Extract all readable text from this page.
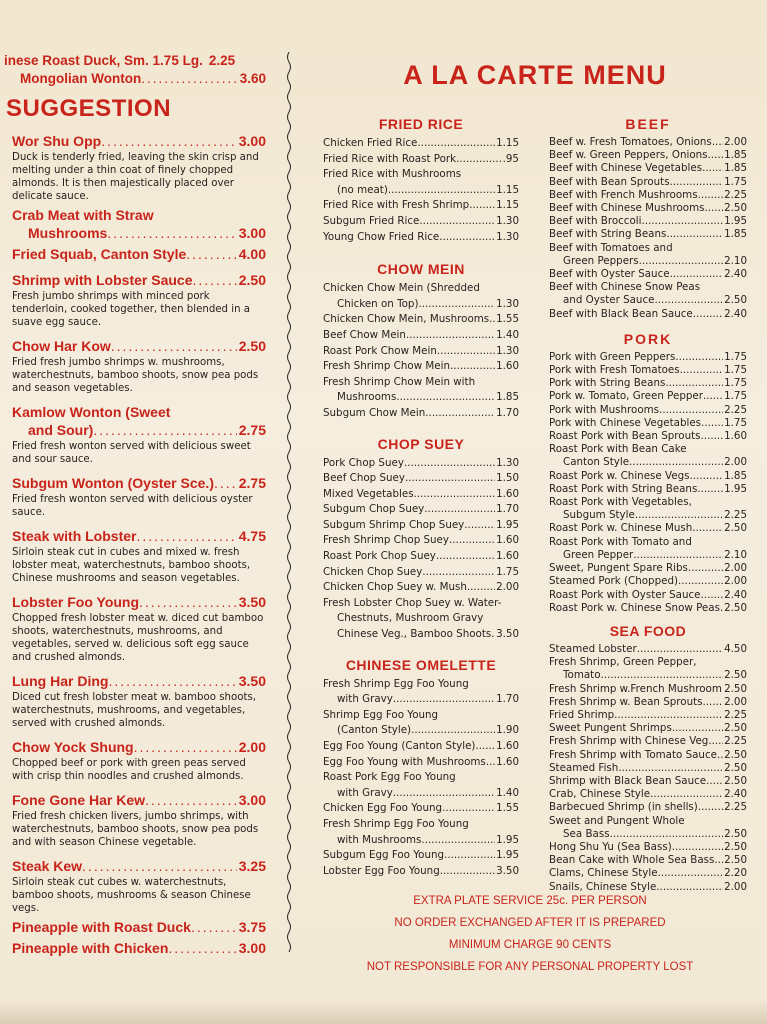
inese Roast Duck, Sm. 1.75 Lg. 2.25
Mongolian Wonton .....	3.60
SUGGESTION
Wor Shu Opp .....	3.00
Duck is tenderly fried, leaving the skin crisp and melting under a thin coat of finely chopped almonds. It is then majestically placed over delicate sauce.
Crab Meat with Straw
Mushrooms .....	3.00
Fried Squab, Canton Style .....	4.00
Shrimp with Lobster Sauce .....	2.50
Fresh jumbo shrimps with minced pork tenderloin, cooked together, then blended in a suave egg sauce.
Chow Har Kow .....	2.50
Fried fresh jumbo shrimps w. mushrooms, waterchestnuts, bamboo shoots, snow pea pods and season vegetables.
Kamlow Wonton (Sweet
and Sour) .....	2.75
Fried fresh wonton served with delicious sweet and sour sauce.
Subgum Wonton (Oyster Sce.) ..... 2.75
Fried fresh wonton served with delicious oyster sauce.
Steak with Lobster .....	4.75
Sirloin steak cut in cubes and mixed w. fresh lobster meat, waterchestnuts, bamboo shoots, Chinese mushrooms and season vegetables.
Lobster Foo Young .....	3.50
Chopped fresh lobster meat w. diced cut bamboo shoots, waterchestnuts, mushrooms, and vegetables, served w. delicious soft egg sauce and crushed almonds.
Lung Har Ding .....	3.50
Diced cut fresh lobster meat w. bamboo shoots, waterchestnuts, mushrooms, and vegetables, served with crushed almonds.
Chow Yock Shung .....	2.00
Chopped beef or pork with green peas served with crisp thin noodles and crushed almonds.
Fone Gone Har Kew .....	3.00
Fried fresh chicken livers, jumbo shrimps, with waterchestnuts, bamboo shoots, snow pea pods and with season Chinese vegetable.
Steak Kew .....	3.25
Sirloin steak cut cubes w. waterchestnuts, bamboo shoots, mushrooms & season Chinese vegs.
Pineapple with Roast Duck .....	3.75
Pineapple with Chicken .....	3.00
A LA CARTE MENU
FRIED RICE
Chicken Fried Rice .....	1.15
Fried Rice with Roast Pork .....	.95
Fried Rice with Mushrooms
(no meat) .....	1.15
Fried Rice with Fresh Shrimp .....	1.15
Subgum Fried Rice .....	1.30
Young Chow Fried Rice .....	1.30
CHOW MEIN
Chicken Chow Mein (Shredded
Chicken on Top) .....	1.30
Chicken Chow Mein, Mushrooms ..... 1.55
Beef Chow Mein .....	1.40
Roast Pork Chow Mein .....	1.30
Fresh Shrimp Chow Mein .....	1.60
Fresh Shrimp Chow Mein with
Mushrooms .....	1.85
Subgum Chow Mein .....	1.70
CHOP SUEY
Pork Chop Suey .....	1.30
Beef Chop Suey .....	1.50
Mixed Vegetables .....	1.60
Subgum Chop Suey .....	1.70
Subgum Shrimp Chop Suey .....	1.95
Fresh Shrimp Chop Suey .....	1.60
Roast Pork Chop Suey .....	1.60
Chicken Chop Suey .....	1.75
Chicken Chop Suey w. Mush. .....	2.00
Fresh Lobster Chop Suey w. Water-
Chestnuts, Mushroom Gravy
Chinese Veg., Bamboo Shoots ..... 3.50
CHINESE OMELETTE
Fresh Shrimp Egg Foo Young
with Gravy .....	1.70
Shrimp Egg Foo Young
(Canton Style) .....	1.90
Egg Foo Young (Canton Style) ..... 1.60
Egg Foo Young with Mushrooms ..... 1.60
Roast Pork Egg Foo Young
with Gravy .....	1.40
Chicken Egg Foo Young .....	1.55
Fresh Shrimp Egg Foo Young
with Mushrooms .....	1.95
Subgum Egg Foo Young .....	1.95
Lobster Egg Foo Young .....	3.50
BEEF
Beef w. Fresh Tomatoes, Onions ..... 2.00
Beef w. Green Peppers, Onions ..... 1.85
Beef with Chinese Vegetables ..... 1.85
Beef with Bean Sprouts .....	1.75
Beef with French Mushrooms .....	2.25
Beef with Chinese Mushrooms ..... 2.50
Beef with Broccoli .....	1.95
Beef with String Beans .....	1.85
Beef with Tomatoes and
Green Peppers .....	2.10
Beef with Oyster Sauce .....	2.40
Beef with Chinese Snow Peas
and Oyster Sauce .....	2.50
Beef with Black Bean Sauce .....	2.40
PORK
Pork with Green Peppers .....	1.75
Pork with Fresh Tomatoes .....	1.75
Pork with String Beans .....	1.75
Pork w. Tomato, Green Pepper ..... 1.75
Pork with Mushrooms .....	2.25
Pork with Chinese Vegetables ..... 1.75
Roast Pork with Bean Sprouts ..... 1.60
Roast Pork with Bean Cake
Canton Style .....	2.00
Roast Pork w. Chinese Vegs. .....	1.85
Roast Pork with String Beans .....	1.95
Roast Pork with Vegetables,
Subgum Style .....	2.25
Roast Pork w. Chinese Mush. .....	2.50
Roast Pork with Tomato and
Green Pepper .....	2.10
Sweet, Pungent Spare Ribs .....	2.00
Steamed Pork (Chopped) .....	2.00
Roast Pork with Oyster Sauce ..... 2.40
Roast Pork w. Chinese Snow Peas ..... 2.50
SEA FOOD
Steamed Lobster .....	4.50
Fresh Shrimp, Green Pepper,
Tomato .....	2.50
Fresh Shrimp w.French Mushroom ..... 2.50
Fresh Shrimp w. Bean Sprouts ..... 2.00
Fried Shrimp .....	2.25
Sweet Pungent Shrimps .....	2.50
Fresh Shrimp with Chinese Veg. ..... 2.25
Fresh Shrimp with Tomato Sauce ..... 2.50
Steamed Fish .....	2.50
Shrimp with Black Bean Sauce ..... 2.50
Crab, Chinese Style .....	2.40
Barbecued Shrimp (in shells) .....	2.25
Sweet and Pungent Whole
Sea Bass .....	2.50
Hong Shu Yu (Sea Bass) .....	2.50
Bean Cake with Whole Sea Bass ..... 2.50
Clams, Chinese Style .....	2.20
Snails, Chinese Style .....	2.00
EXTRA PLATE SERVICE 25c. PER PERSON
NO ORDER EXCHANGED AFTER IT IS PREPARED
MINIMUM CHARGE 90 CENTS
NOT RESPONSIBLE FOR ANY PERSONAL PROPERTY LOST
